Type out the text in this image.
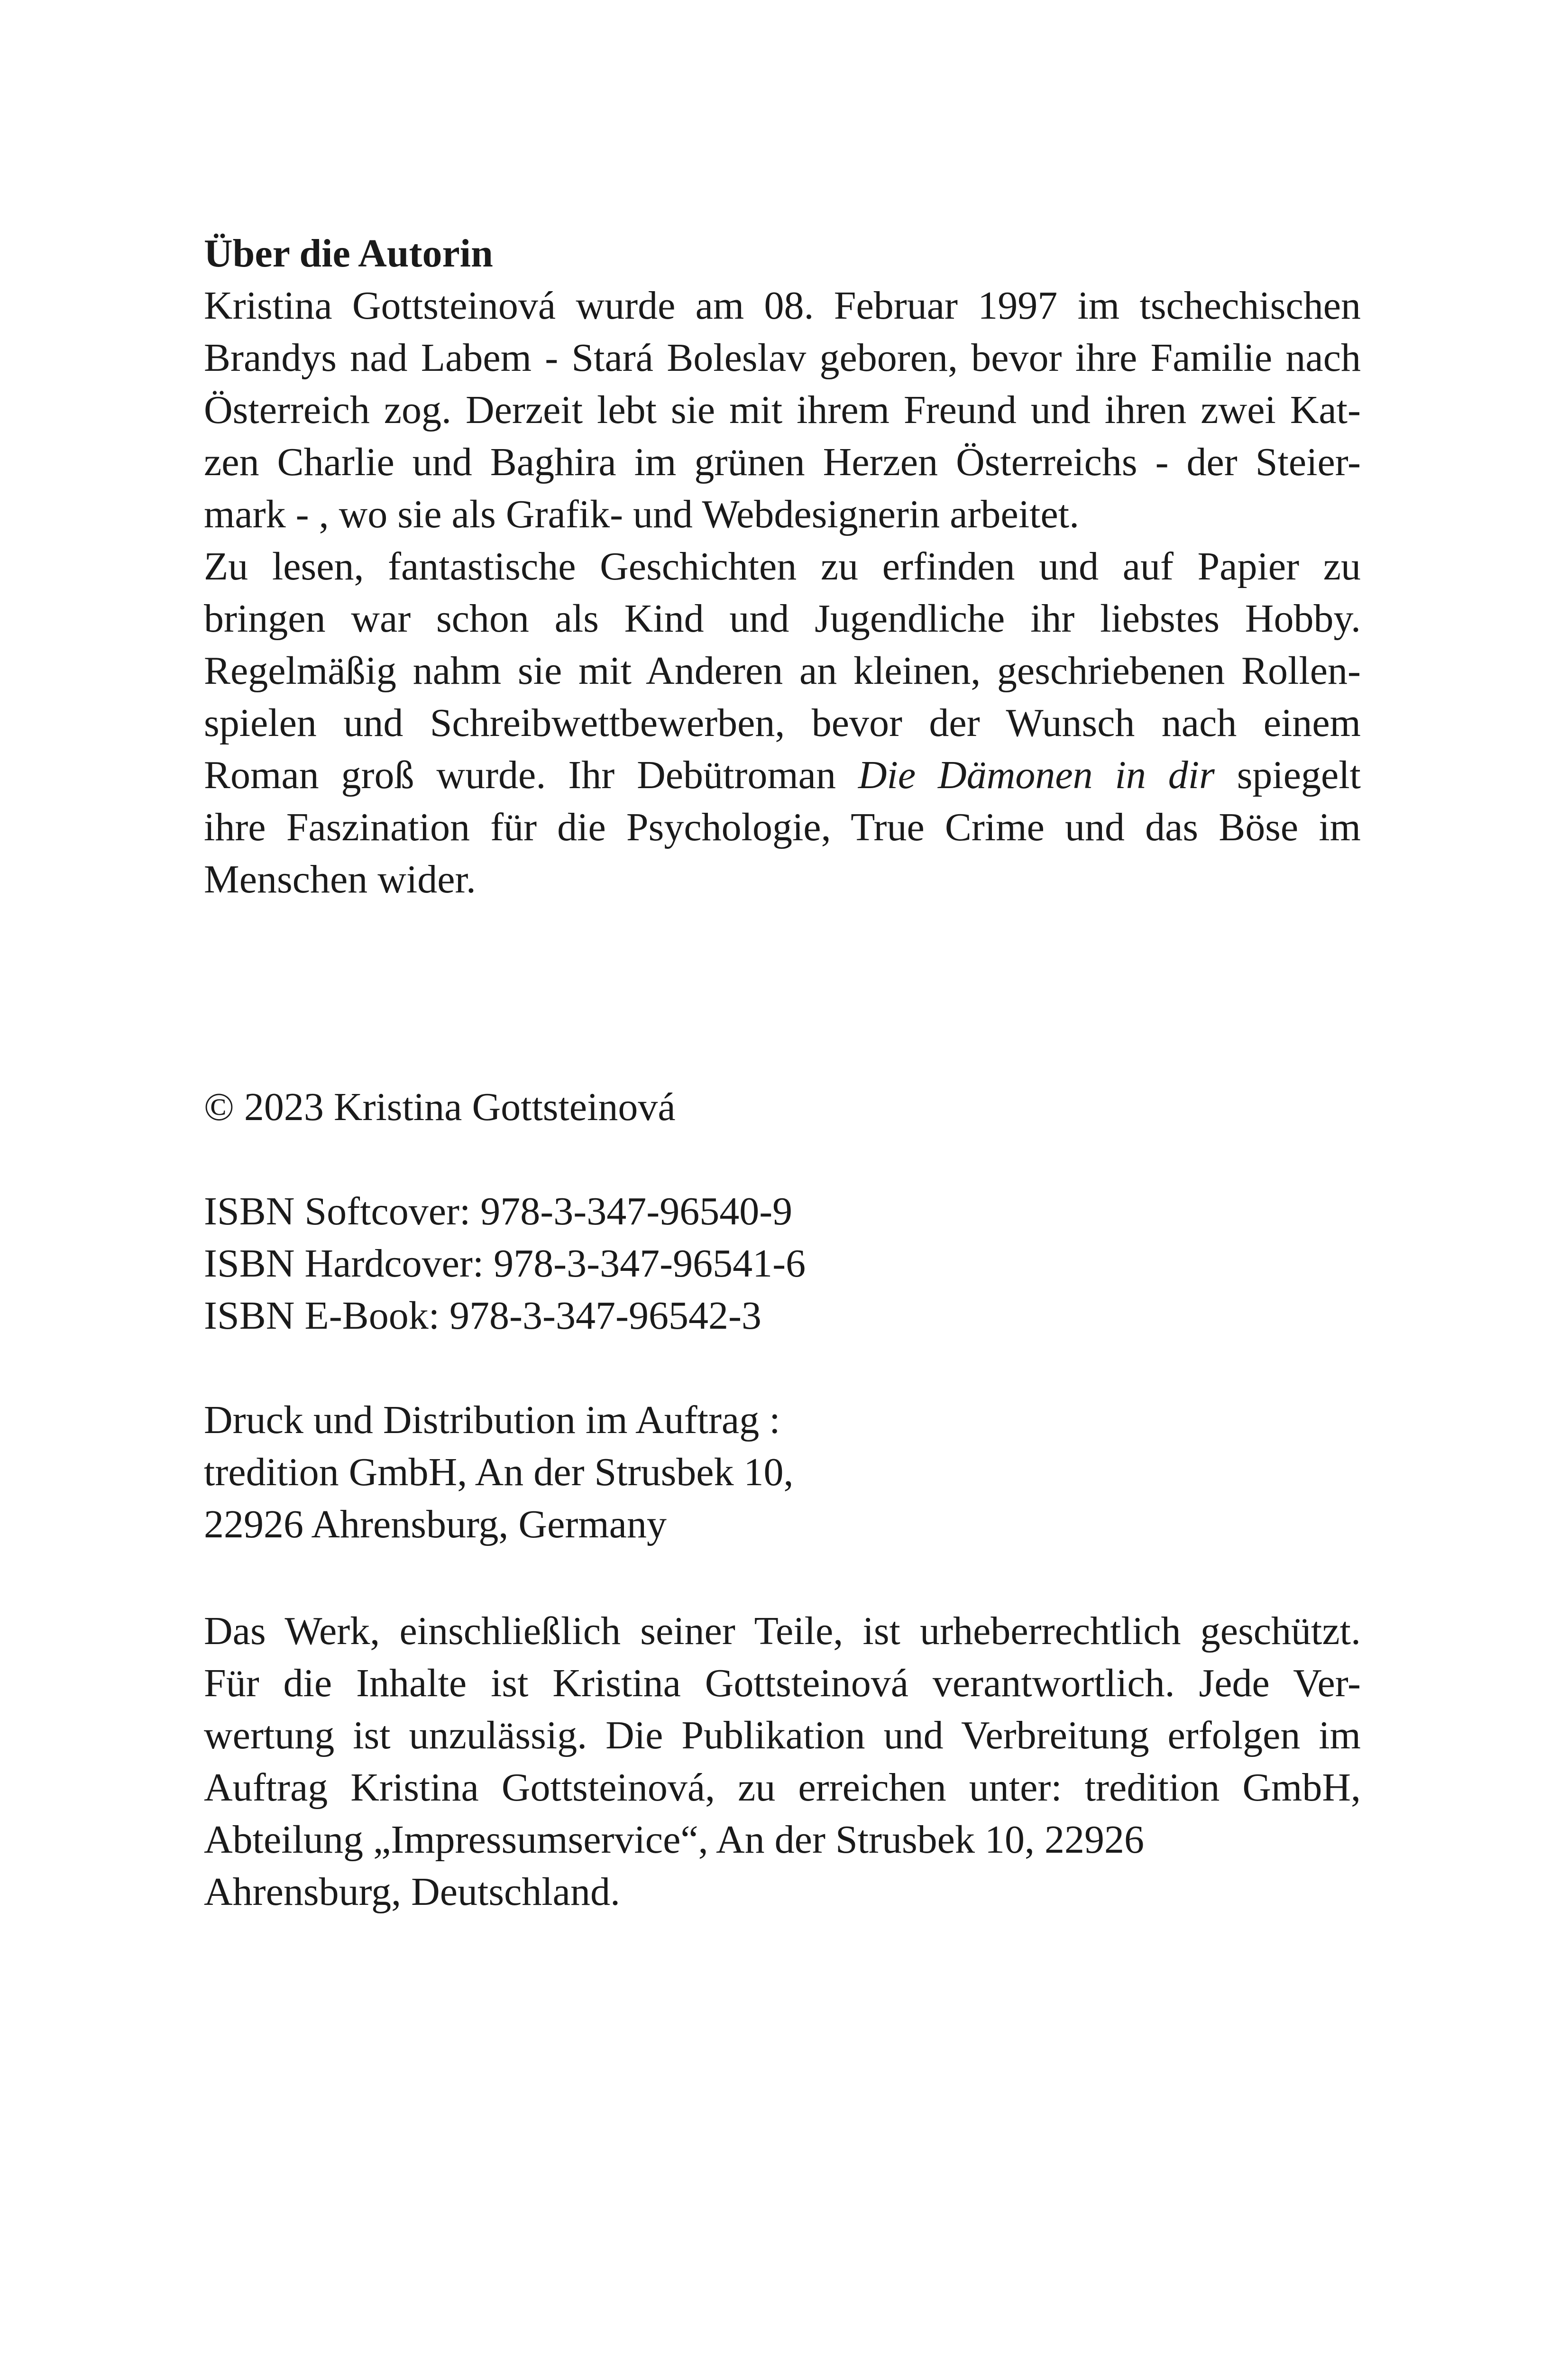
Über die Autorin
Kristina Gottsteinová wurde am 08. Februar 1997 im tschechischen
Brandys nad Labem - Stará Boleslav geboren, bevor ihre Familie nach
Österreich zog. Derzeit lebt sie mit ihrem Freund und ihren zwei Kat-
zen Charlie und Baghira im grünen Herzen Österreichs - der Steier-
mark - , wo sie als Grafik- und Webdesignerin arbeitet.
Zu lesen, fantastische Geschichten zu erfinden und auf Papier zu
bringen war schon als Kind und Jugendliche ihr liebstes Hobby.
Regelmäßig nahm sie mit Anderen an kleinen, geschriebenen Rollen-
spielen und Schreibwettbewerben, bevor der Wunsch nach einem
Roman groß wurde. Ihr Debütroman Die Dämonen in dir spiegelt
ihre Faszination für die Psychologie, True Crime und das Böse im
Menschen wider.
© 2023 Kristina Gottsteinová
ISBN Softcover: 978-3-347-96540-9
ISBN Hardcover: 978-3-347-96541-6
ISBN E-Book: 978-3-347-96542-3
Druck und Distribution im Auftrag :
tredition GmbH, An der Strusbek 10,
22926 Ahrensburg, Germany
Das Werk, einschließlich seiner Teile, ist urheberrechtlich geschützt.
Für die Inhalte ist Kristina Gottsteinová verantwortlich. Jede Ver-
wertung ist unzulässig. Die Publikation und Verbreitung erfolgen im
Auftrag Kristina Gottsteinová, zu erreichen unter: tredition GmbH,
Abteilung „Impressumservice“, An der Strusbek 10, 22926
Ahrensburg, Deutschland.
